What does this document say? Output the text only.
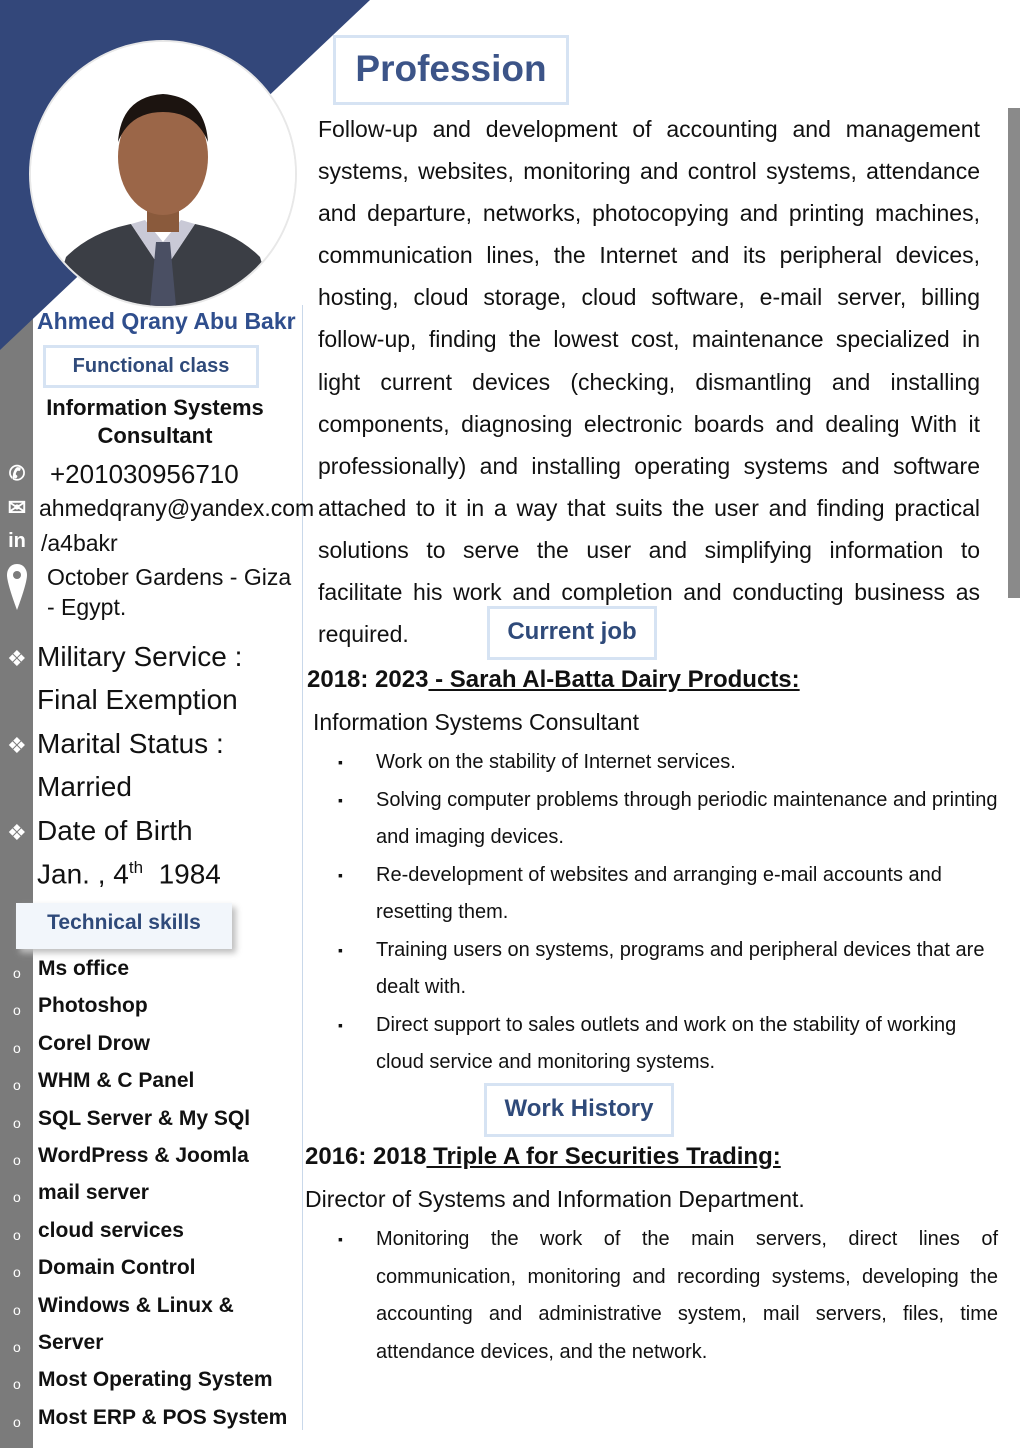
Ahmed Qrany Abu Bakr
Functional class
Information Systems Consultant
✆ +201030956710
✉ ahmedqrany@yandex.com
in /a4bakr
October Gardens - Giza - Egypt.
❖ Military Service :
Final Exemption
❖ Marital Status :
Married
❖ Date of Birth
Jan. , 4th 1984
Technical skills
o Ms office
o Photoshop
o Corel Drow
o WHM & C Panel
o SQL Server & My SQl
o WordPress & Joomla
o mail server
o cloud services
o Domain Control
o Windows & Linux &
o Server
o Most Operating System
o Most ERP & POS System
Profession
Follow-up and development of accounting and management systems, websites, monitoring and control systems, attendance and departure, networks, photocopying and printing machines, communication lines, the Internet and its peripheral devices, hosting, cloud storage, cloud software, e-mail server, billing follow-up, finding the lowest cost, maintenance specialized in light current devices (checking, dismantling and installing components, diagnosing electronic boards and dealing With it professionally) and installing operating systems and software attached to it in a way that suits the user and finding practical solutions to serve the user and simplifying information to facilitate his work and completion and conducting business as required.	Current job
2018: 2023 - Sarah Al-Batta Dairy Products:
Information Systems Consultant
▪ Work on the stability of Internet services.
▪ Solving computer problems through periodic maintenance and printing and imaging devices.
▪ Re-development of websites and arranging e-mail accounts and resetting them.
▪ Training users on systems, programs and peripheral devices that are dealt with.
▪ Direct support to sales outlets and work on the stability of working cloud service and monitoring systems.
Work History
2016: 2018 Triple A for Securities Trading:
Director of Systems and Information Department.
▪ Monitoring the work of the main servers, direct lines of communication, monitoring and recording systems, developing the accounting and administrative system, mail servers, files, time attendance devices, and the network.
